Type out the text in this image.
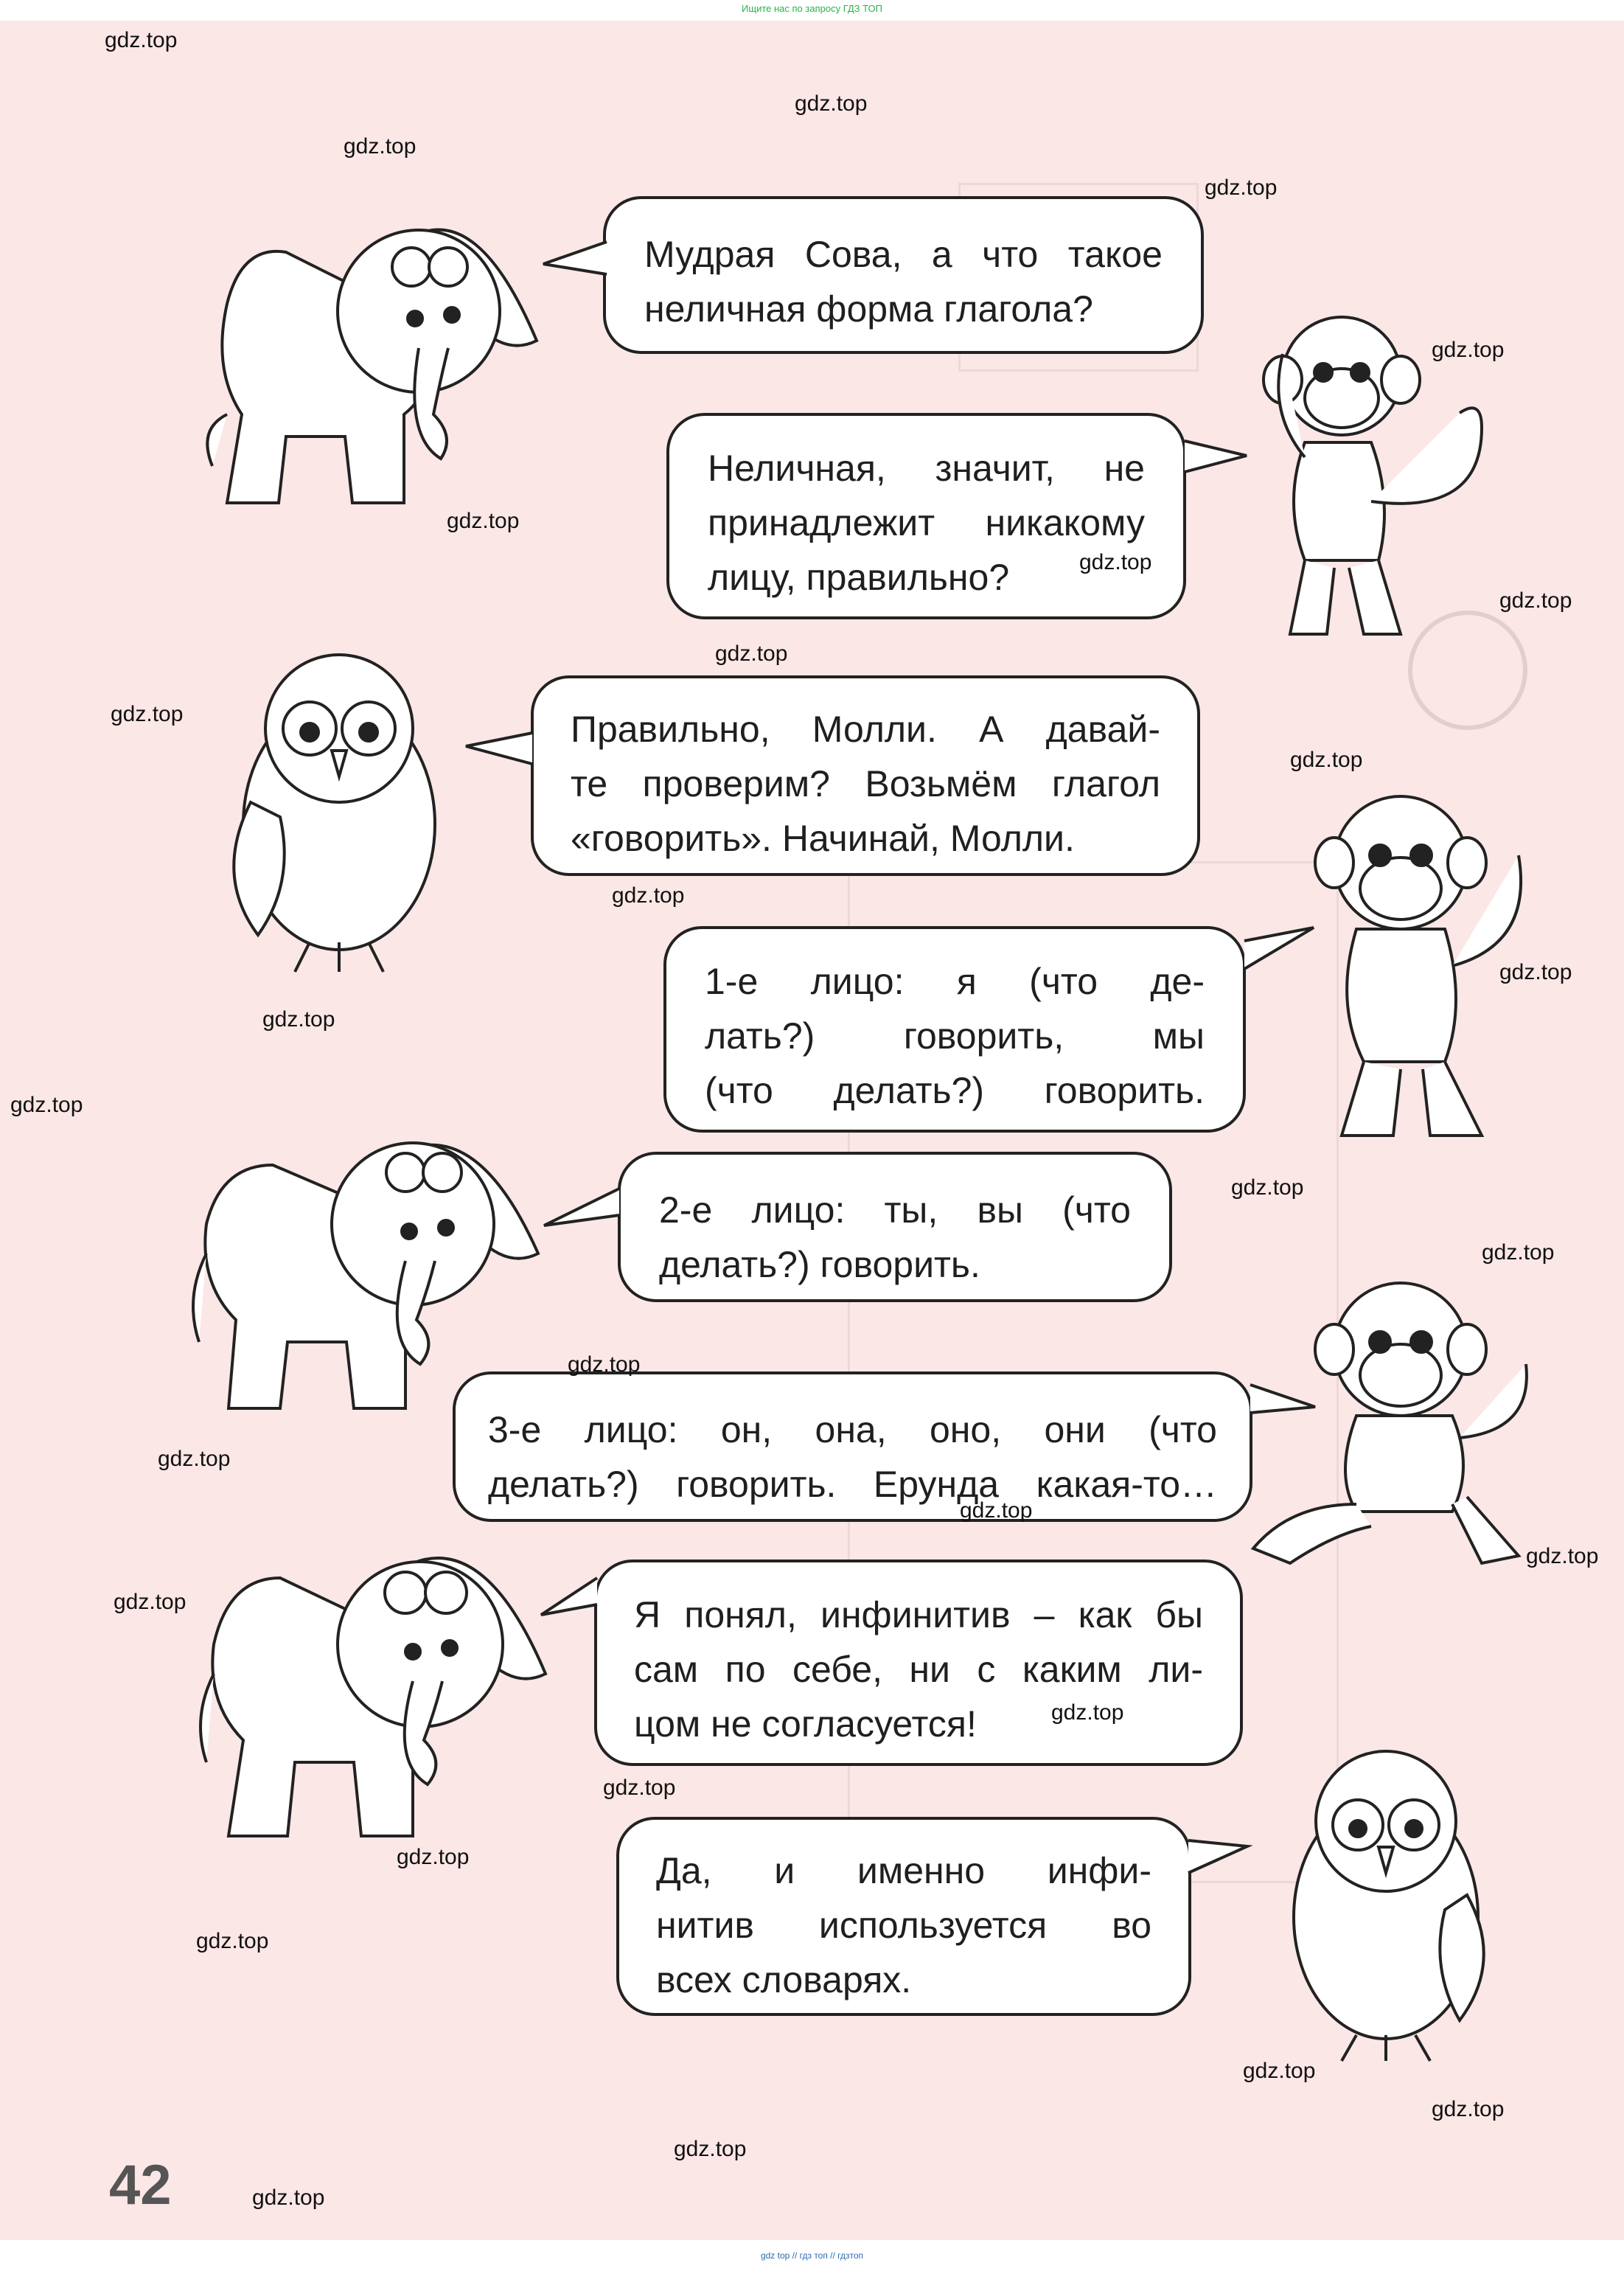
Ищите нас по запросу ГДЗ ТОП
42
Мудрая Сова, а что такое
неличная форма глагола?
Неличная, значит, не
принадлежит никакому
лицу, правильно?
Правильно, Молли. А давай-
те проверим? Возьмём глагол
«говорить». Начинай, Молли.
1-е лицо: я (что де-
лать?) говорить, мы
(что делать?) говорить.
2-е лицо: ты, вы (что
делать?) говорить.
3-е лицо: он, она, оно, они (что
делать?) говорить. Ерунда какая-то…
Я понял, инфинитив – как бы
сам по себе, ни с каким ли-
цом не согласуется!
Да, и именно инфи-
нитив используется во
всех словарях.
gdz.top
gdz.top
gdz.top
gdz.top
gdz.top
gdz.top
gdz.top
gdz.top
gdz.top
gdz.top
gdz.top
gdz.top
gdz.top
gdz.top
gdz.top
gdz.top
gdz.top
gdz.top
gdz.top
gdz.top
gdz.top
gdz.top
gdz.top
gdz.top
gdz.top
gdz.top
gdz.top
gdz.top
gdz.top
gdz.top
gdz top // гдз топ // гдзтоп
